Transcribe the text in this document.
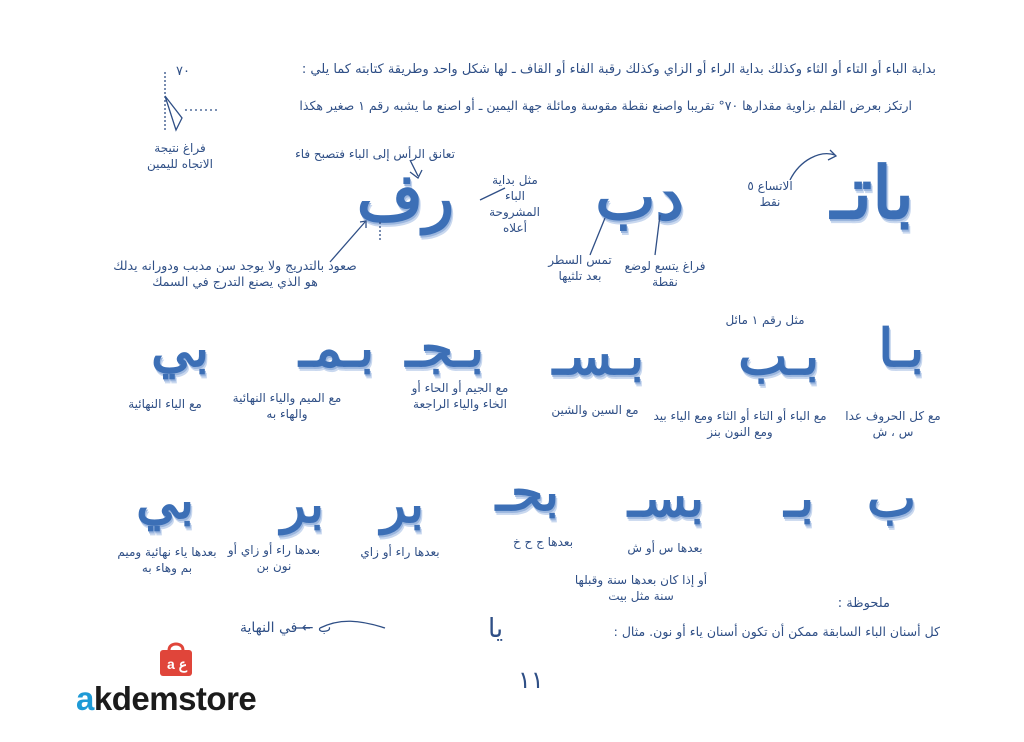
بداية الباء أو التاء أو الثاء وكذلك بداية الراء أو الزاي وكذلك رقبة الفاء أو القاف ـ لها شكل واحد وطريقة كتابته كما يلي :
ارتكز بعرض القلم بزاوية مقدارها ٧٠° تقريبا واصنع نقطة مقوسة ومائلة جهة اليمين ـ أو اصنع ما يشبه رقم ١ صغير هكذا
٧٠
فراغ نتيجة الاتجاه لليمين	باتـ
دب
رف	الاتساع ٥ نقط
فراغ يتسع لوضع نقطة
تمس السطر بعد تلثيها
مثل بداية الباء المشروحة أعلاه
تعانق الرأس إلى الباء فتصبح فاء
صعود بالتدريج ولا يوجد سن مدبب ودورانه يدلك هو الذي يصنع التدرج في السمك
مثل رقم ١ مائل بـا
مع كل الحروف عدا س ، ش
بـب
مع الباء أو التاء أو الثاء ومع الياء بيد ومع النون بنز
بـسـ
مع السين والشين
بـجـ
مع الجيم أو الحاء أو الخاء والياء الراجعة
بـمـ
مع الميم والياء النهائية والهاء به
بي
مع الياء النهائية
ب
بـ
بسـ
بعدها س أو ش
بحـ
بعدها ج ح خ
بر
بعدها راء أو زاي
بر
بعدها راء أو زاي أو نون بن
بي
بعدها ياء نهائية وميم بم وهاء به
أو إذا كان بعدها سنة وقبلها سنة مثل بيت
ب ← في النهاية
ملحوظة :
كل أسنان الباء السابقة ممكن أن تكون أسنان ياء أو نون. مثال :
يا
١١
a ع
akdemstore
